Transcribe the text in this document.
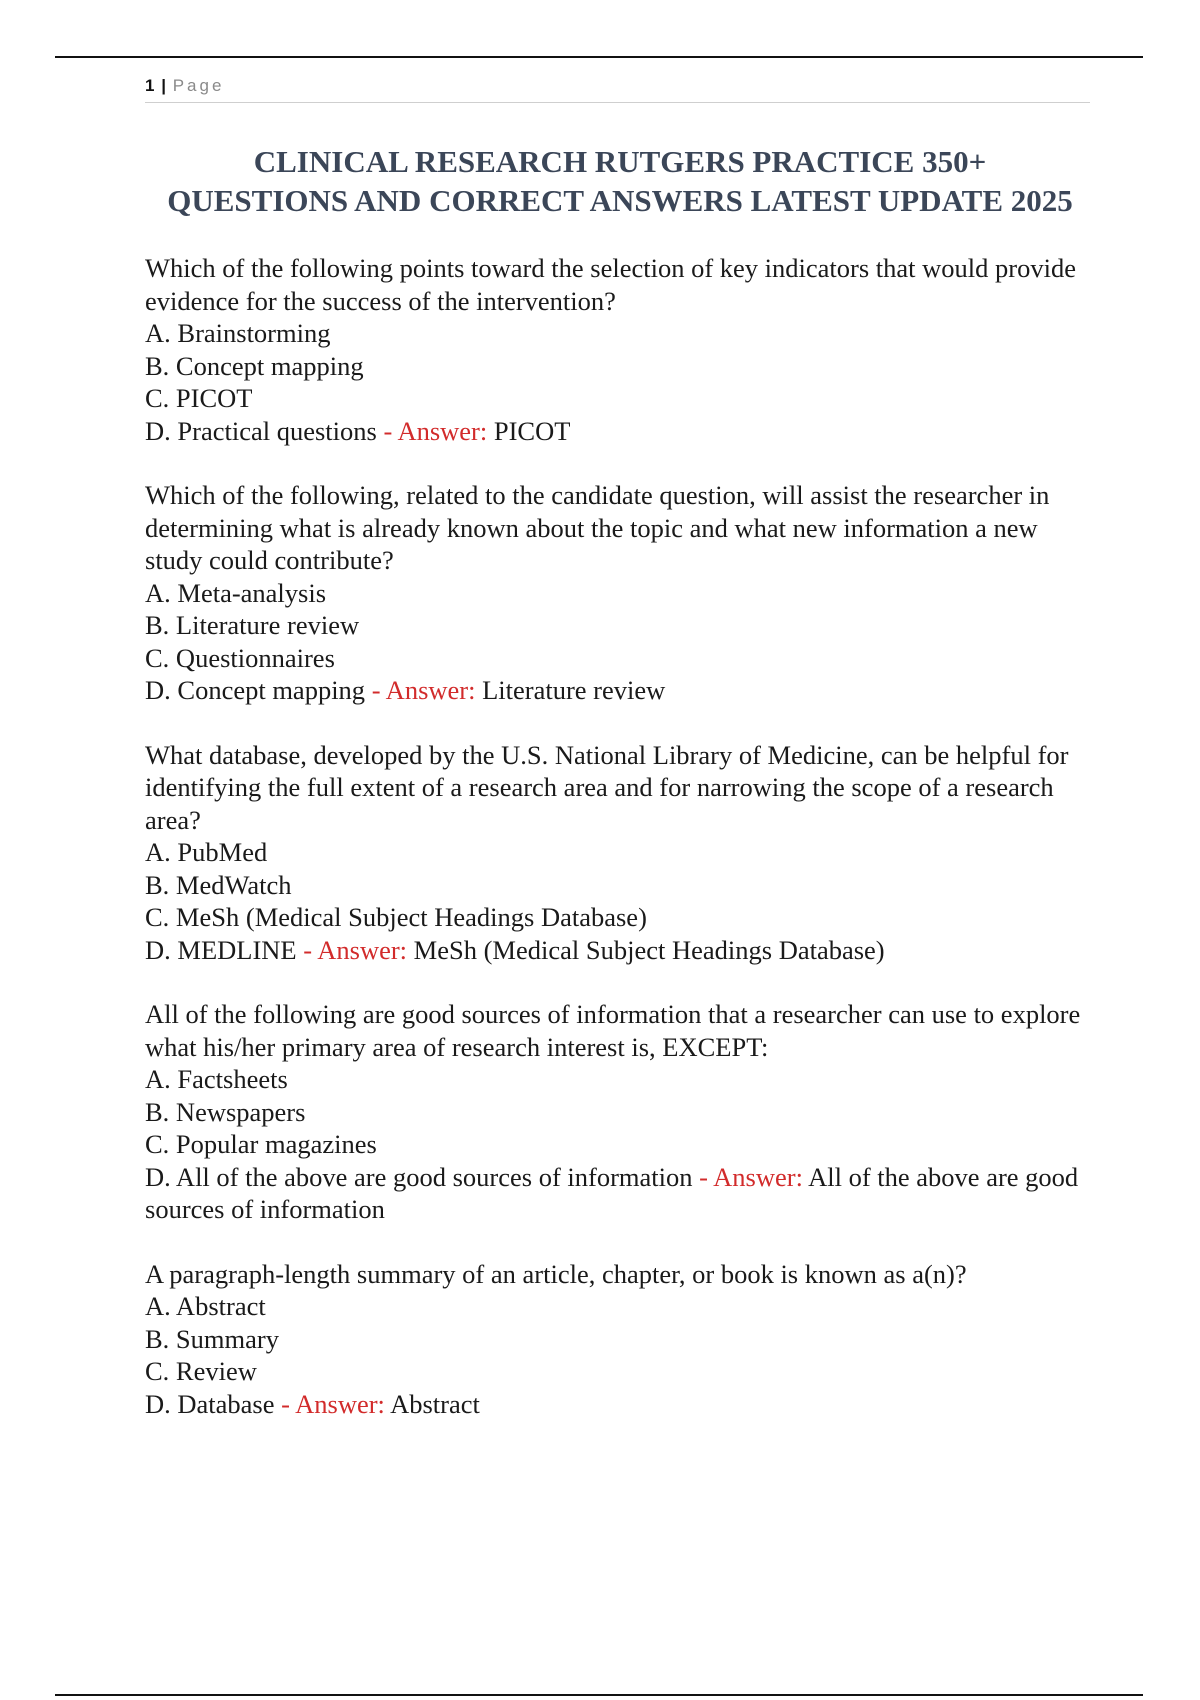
1 | Page
CLINICAL RESEARCH RUTGERS PRACTICE 350+
QUESTIONS AND CORRECT ANSWERS LATEST UPDATE 2025
Which of the following points toward the selection of key indicators that would provide evidence for the success of the intervention?
A. Brainstorming
B. Concept mapping
C. PICOT
D. Practical questions - Answer: PICOT
Which of the following, related to the candidate question, will assist the researcher in determining what is already known about the topic and what new information a new study could contribute?
A. Meta-analysis
B. Literature review
C. Questionnaires
D. Concept mapping - Answer: Literature review
What database, developed by the U.S. National Library of Medicine, can be helpful for identifying the full extent of a research area and for narrowing the scope of a research area?
A. PubMed
B. MedWatch
C. MeSh (Medical Subject Headings Database)
D. MEDLINE - Answer: MeSh (Medical Subject Headings Database)
All of the following are good sources of information that a researcher can use to explore what his/her primary area of research interest is, EXCEPT:
A. Factsheets
B. Newspapers
C. Popular magazines
D. All of the above are good sources of information - Answer: All of the above are good sources of information
A paragraph-length summary of an article, chapter, or book is known as a(n)?
A. Abstract
B. Summary
C. Review
D. Database - Answer: Abstract
